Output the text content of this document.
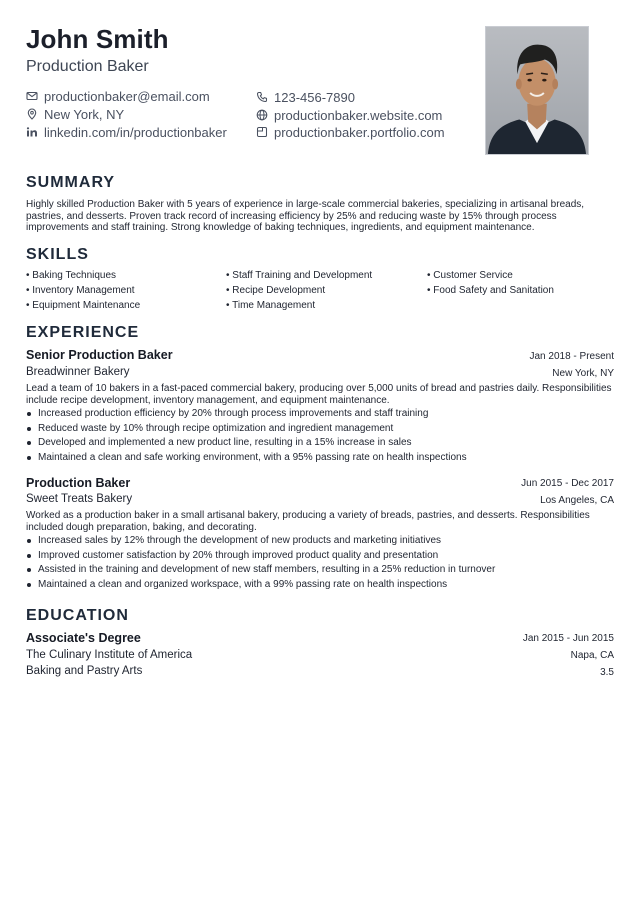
John Smith
Production Baker
productionbaker@email.com
New York, NY
linkedin.com/in/productionbaker
123-456-7890
productionbaker.website.com
productionbaker.portfolio.com
SUMMARY
Highly skilled Production Baker with 5 years of experience in large-scale commercial bakeries, specializing in artisanal breads, pastries, and desserts. Proven track record of increasing efficiency by 25% and reducing waste by 15% through process improvements and staff training. Strong knowledge of baking techniques, ingredients, and equipment maintenance.
SKILLS
• Baking Techniques	• Staff Training and Development	• Customer Service
• Inventory Management	• Recipe Development	• Food Safety and Sanitation
• Equipment Maintenance	• Time Management
EXPERIENCE
Senior Production Baker	Jan 2018 - Present
Breadwinner Bakery	New York, NY
Lead a team of 10 bakers in a fast-paced commercial bakery, producing over 5,000 units of bread and pastries daily. Responsibilities include recipe development, inventory management, and equipment maintenance.
Increased production efficiency by 20% through process improvements and staff training
Reduced waste by 10% through recipe optimization and ingredient management
Developed and implemented a new product line, resulting in a 15% increase in sales
Maintained a clean and safe working environment, with a 95% passing rate on health inspections
Production Baker	Jun 2015 - Dec 2017
Sweet Treats Bakery	Los Angeles, CA
Worked as a production baker in a small artisanal bakery, producing a variety of breads, pastries, and desserts. Responsibilities included dough preparation, baking, and decorating.
Increased sales by 12% through the development of new products and marketing initiatives
Improved customer satisfaction by 20% through improved product quality and presentation
Assisted in the training and development of new staff members, resulting in a 25% reduction in turnover
Maintained a clean and organized workspace, with a 99% passing rate on health inspections
EDUCATION
Associate's Degree	Jan 2015 - Jun 2015
The Culinary Institute of America	Napa, CA
Baking and Pastry Arts	3.5
